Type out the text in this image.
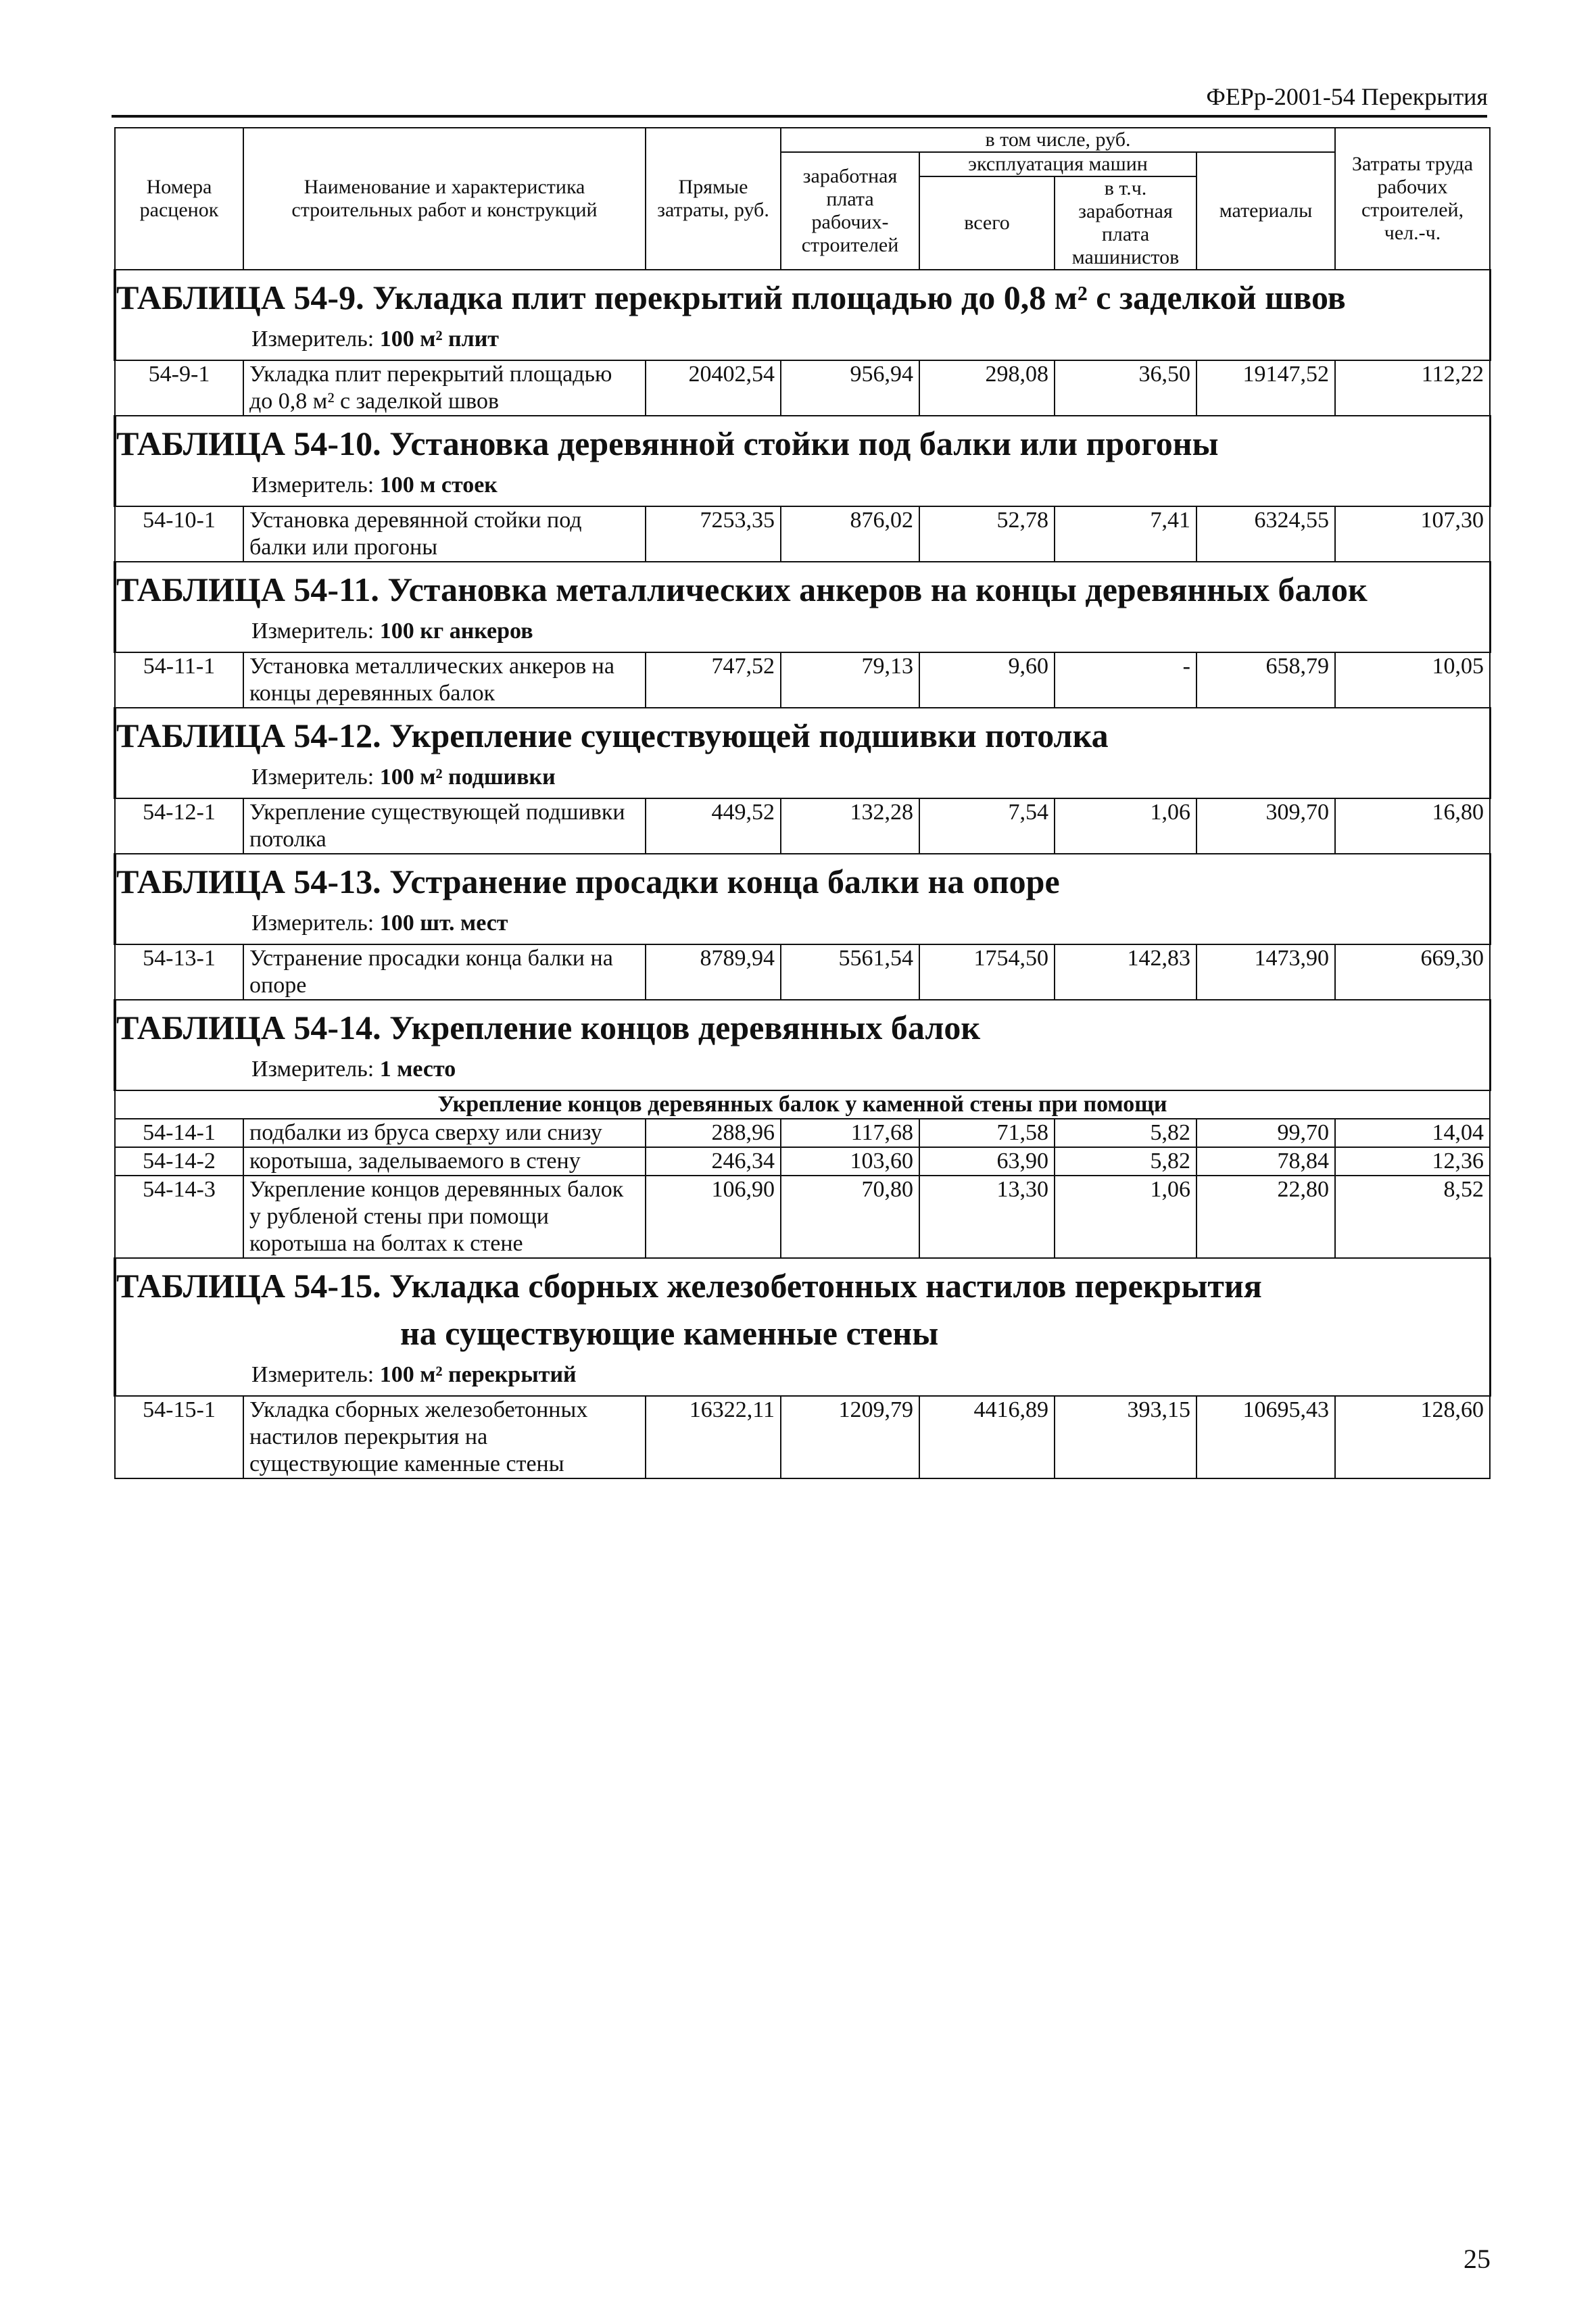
ФЕРр-2001-54 Перекрытия
Номера расценок	Наименование и характеристика строительных работ и конструкций	Прямые затраты, руб.	в том числе, руб.				Затраты труда рабочих строителей, чел.-ч.
			заработная плата рабочих-строителей	эксплуатация машин		материалы	
				всего	в т.ч. заработная плата машинистов		

ТАБЛИЦА 54-9. Укладка плит перекрытий площадью до 0,8 м² с заделкой швов
Измеритель: 100 м² плит							

54-9-1	Укладка плит перекрытий площадью до 0,8 м² с заделкой швов	20402,54	956,94	298,08	36,50	19147,52	112,22

ТАБЛИЦА 54-10. Установка деревянной стойки под балки или прогоны
Измеритель: 100 м стоек							

54-10-1	Установка деревянной стойки под балки или прогоны	7253,35	876,02	52,78	7,41	6324,55	107,30

ТАБЛИЦА 54-11. Установка металлических анкеров на концы деревянных балок
Измеритель: 100 кг анкеров							

54-11-1	Установка металлических анкеров на концы деревянных балок	747,52	79,13	9,60	-	658,79	10,05

ТАБЛИЦА 54-12. Укрепление существующей подшивки потолка
Измеритель: 100 м² подшивки							

54-12-1	Укрепление существующей подшивки потолка	449,52	132,28	7,54	1,06	309,70	16,80

ТАБЛИЦА 54-13. Устранение просадки конца балки на опоре
Измеритель: 100 шт. мест							

54-13-1	Устранение просадки конца балки на опоре	8789,94	5561,54	1754,50	142,83	1473,90	669,30

ТАБЛИЦА 54-14. Укрепление концов деревянных балок
Измеритель: 1 место							

Укрепление концов деревянных балок у каменной стены при помощи							
54-14-1	подбалки из бруса сверху или снизу	288,96	117,68	71,58	5,82	99,70	14,04
54-14-2	коротыша, заделываемого в стену	246,34	103,60	63,90	5,82	78,84	12,36
54-14-3	Укрепление концов деревянных балок у рубленой стены при помощи коротыша на болтах к стене	106,90	70,80	13,30	1,06	22,80	8,52

ТАБЛИЦА 54-15. Укладка сборных железобетонных настилов перекрытия
на существующие каменные стены
Измеритель: 100 м² перекрытий							

54-15-1	Укладка сборных железобетонных настилов перекрытия на существующие каменные стены	16322,11	1209,79	4416,89	393,15	10695,43	128,60
25
